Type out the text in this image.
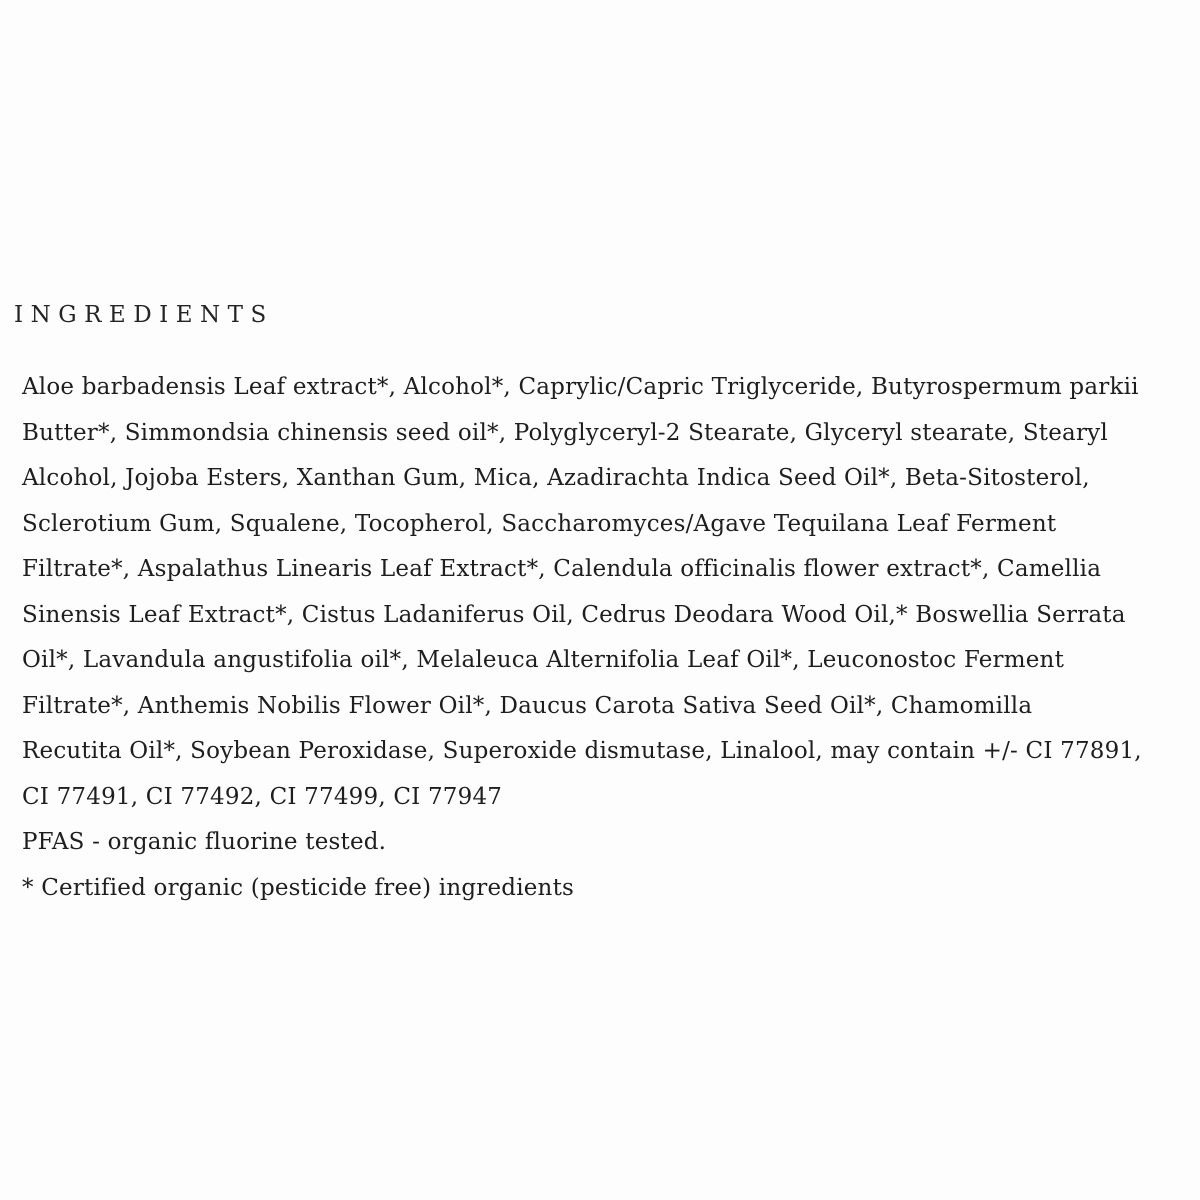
INGREDIENTS
Aloe barbadensis Leaf extract*, Alcohol*, Caprylic/Capric Triglyceride, Butyrospermum parkii
Butter*, Simmondsia chinensis seed oil*, Polyglyceryl-2 Stearate, Glyceryl stearate, Stearyl
Alcohol, Jojoba Esters, Xanthan Gum, Mica, Azadirachta Indica Seed Oil*, Beta-Sitosterol,
Sclerotium Gum, Squalene, Tocopherol, Saccharomyces/Agave Tequilana Leaf Ferment
Filtrate*, Aspalathus Linearis Leaf Extract*, Calendula officinalis flower extract*, Camellia
Sinensis Leaf Extract*, Cistus Ladaniferus Oil, Cedrus Deodara Wood Oil,* Boswellia Serrata
Oil*, Lavandula angustifolia oil*, Melaleuca Alternifolia Leaf Oil*, Leuconostoc Ferment
Filtrate*, Anthemis Nobilis Flower Oil*, Daucus Carota Sativa Seed Oil*, Chamomilla
Recutita Oil*, Soybean Peroxidase, Superoxide dismutase, Linalool, may contain +/- CI 77891,
CI 77491, CI 77492, CI 77499, CI 77947
PFAS - organic fluorine tested.
* Certified organic (pesticide free) ingredients
